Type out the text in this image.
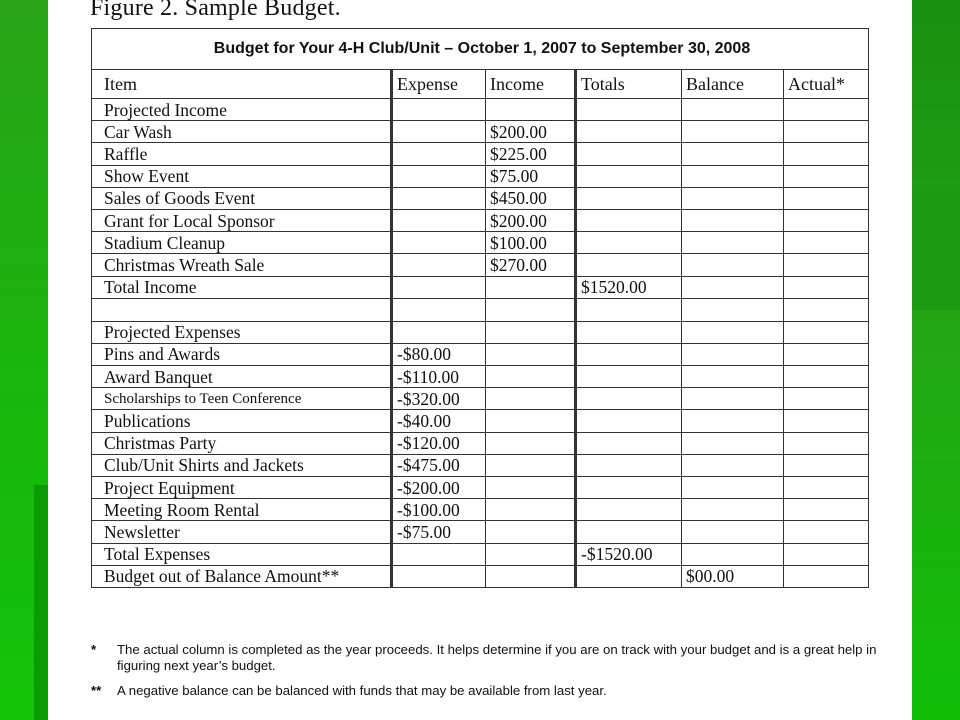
Figure 2. Sample Budget.
Budget for Your 4-H Club/Unit – October 1, 2007 to September 30, 2008					
Item	Expense	Income	Totals	Balance	Actual*
Projected Income					
Car Wash		$200.00			
Raffle		$225.00			
Show Event		$75.00			
Sales of Goods Event		$450.00			
Grant for Local Sponsor		$200.00			
Stadium Cleanup		$100.00			
Christmas Wreath Sale		$270.00			
Total Income			$1520.00		

Projected Expenses					
Pins and Awards	-$80.00				
Award Banquet	-$110.00				
Scholarships to Teen Conference	-$320.00				
Publications	-$40.00				
Christmas Party	-$120.00				
Club/Unit Shirts and Jackets	-$475.00				
Project Equipment	-$200.00				
Meeting Room Rental	-$100.00				
Newsletter	-$75.00				
Total Expenses			-$1520.00		
Budget out of Balance Amount**				$00.00	
*	The actual column is completed as the year proceeds. It helps determine if you are on track with your budget and is a great help in figuring next year’s budget.
**	A negative balance can be balanced with funds that may be available from last year.
